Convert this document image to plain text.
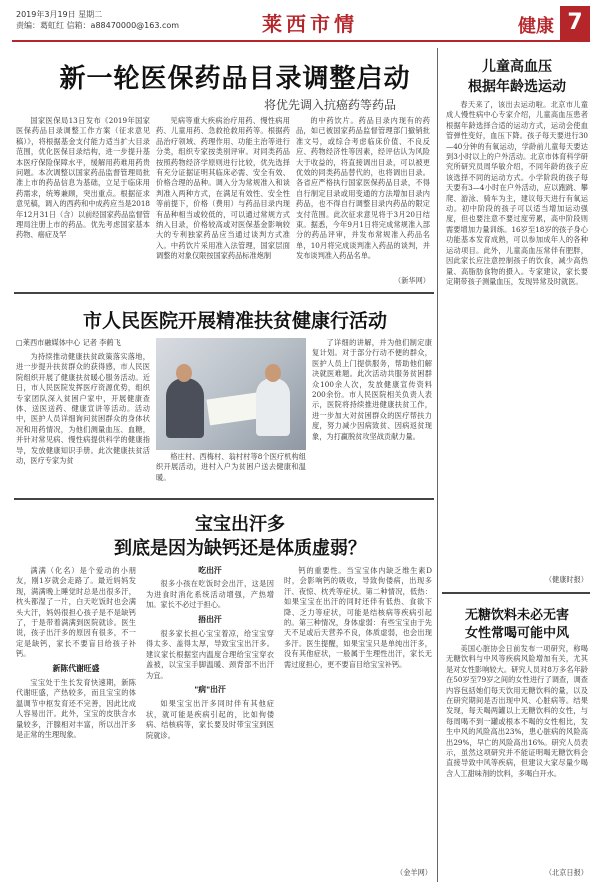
2019年3月19日 星期二
责编：葛虹红 信箱：a88470000@163.com	莱西市情	健康 7
新一轮医保药品目录调整启动
将优先调入抗癌药等药品

国家医保局13日发布《2019年国家医保药品目录调整工作方案（征求意见稿）》，将根据基金支付能力适当扩大目录范围，优化医保目录结构，进一步提升基本医疗保险保障水平，缓解用药难用药贵问题。本次调整以国家药品监督管理局批准上市的药品信息为基础，立足于临床用药需求，统筹兼顾，突出重点。根据征求意见稿，调入的西药和中成药应当是2018年12月31日（含）以前经国家药品监督管理局注册上市的药品。优先考虑国家基本药物、癌症及罕

见病等重大疾病治疗用药、慢性病用药、儿童用药、急救抢救用药等。根据药品治疗领域、药理作用、功能主治等进行分类，组织专家按类别评审。对同类药品按照药物经济学原则进行比较，优先选择有充分证据证明其临床必需、安全有效、价格合理的品种。调入分为常规准入和谈判准入两种方式，在满足有效性、安全性等前提下，价格（费用）与药品目录内现有品种相当或较低的，可以通过常规方式纳入目录，价格较高或对医保基金影响较大的专利独家药品应当通过谈判方式准入。中药饮片采用准入法管理，国家层面调整的对象仅限按国家药品标准炮制

的中药饮片。药品目录内现有的药品，如已被国家药品监督管理部门撤销批准文号，或综合考虑临床价值、不良反应、药物经济性等因素，经评估认为风险大于收益的，将直接调出目录，可以被更优效的同类药品替代的，也将调出目录。各省应严格执行国家医保药品目录，不得自行制定目录或用变通的方法增加目录内药品，也不得自行调整目录内药品的限定支付范围。此次征求意见将于3月20日结束。据悉，今年9月1日将完成常规准入部分的药品评审，并发布常规准入药品名单，10月将完成谈判准入药品的谈判，并发布谈判准入药品名单。

（新华网）
市人民医院开展精准扶贫健康行活动
□莱西市融媒体中心 记者 李鹤飞

为持续推动健康扶贫政策落实落地，进一步提升扶贫群众的获得感，市人民医院组织开展了健康扶贫暖心服务活动。近日，市人民医院发挥医疗资源优势，组织专家团队深入贫困户家中，开展健康查体、送医送药、健康宣讲等活动。活动中，医护人员详细询问贫困群众的身体状况和用药情况，为他们测量血压、血糖，并针对常见病、慢性病提供科学的健康指导，发放健康知识手册。此次健康扶贫活动，医疗专家为贫	格庄村、西梅村、翁村村等8个医疗机构组织开展活动，进村入户为贫困户送去健康和温暖。

了详细的讲解，并为他们制定康复计划。对于部分行动不便的群众，医护人员上门提供服务，帮助他们解决就医难题。此次活动共服务贫困群众100余人次，发放健康宣传资料200余份。市人民医院相关负责人表示，医院将持续推进健康扶贫工作，进一步加大对贫困群众的医疗帮扶力度，努力减少因病致贫、因病返贫现象，为打赢脱贫攻坚战贡献力量。

宝宝出汗多
到底是因为缺钙还是体质虚弱？

满满（化名）是个爱动的小朋友，刚1岁就会走路了。最近妈妈发现，满满晚上睡觉时总是出很多汗，枕头都湿了一片，白天吃饭时也会满头大汗，妈妈很担心孩子是不是缺钙了，于是带着满满到医院就诊。医生说，孩子出汗多的原因有很多，不一定是缺钙，家长不要盲目给孩子补钙。

新陈代谢旺盛

宝宝处于生长发育快速期，新陈代谢旺盛，产热较多，而且宝宝的体温调节中枢发育还不完善，因此比成人容易出汗。此外，宝宝的皮肤含水量较多，汗腺相对丰富，所以出汗多是正常的生理现象。

吃出汗

很多小孩在吃饭时会出汗，这是因为进食时消化系统活动增强，产热增加。家长不必过于担心。

捂出汗

很多家长担心宝宝着凉，给宝宝穿得太多、盖得太厚，导致宝宝出汗多。建议家长根据室内温度合理给宝宝穿衣盖被，以宝宝手脚温暖、颈背部不出汗为宜。

"病"出汗

如果宝宝出汗多同时伴有其他症状，就可能是疾病引起的，比如佝偻病、结核病等，家长要及时带宝宝到医院就诊。

钙的重要性。当宝宝体内缺乏维生素D时，会影响钙的吸收，导致佝偻病，出现多汗、夜惊、枕秃等症状。第二种情况，低热：如果宝宝在出汗的同时还伴有低热、食欲下降、乏力等症状，可能是结核病等疾病引起的。第三种情况，身体虚弱：有些宝宝由于先天不足或后天营养不良，体质虚弱，也会出现多汗。医生提醒，如果宝宝只是单纯出汗多，没有其他症状，一般属于生理性出汗，家长无需过度担心，更不要盲目给宝宝补钙。

（金羊网）
儿童高血压
根据年龄选运动

春天来了，该出去运动啦。北京市儿童成人慢性病中心专家介绍，儿童高血压患者根据年龄选择合适的运动方式，运动会使血管弹性变好，血压下降。孩子每天要进行30—40分钟的有氧运动，学龄前儿童每天要达到3小时以上的户外活动。北京市体育科学研究所研究员周华敏介绍，不同年龄的孩子应该选择不同的运动方式。小学阶段的孩子每天要有3—4小时在户外活动，应以跑跳、攀爬、游泳、骑车为主，建议每天进行有氧运动。初中阶段的孩子可以适当增加运动强度，但也要注意不要过度劳累，高中阶段则需要增加力量训练。16岁至18岁的孩子身心功能基本发育成熟，可以参加成年人的各种运动项目。此外，儿童高血压常伴有肥胖，因此家长应注意控制孩子的饮食，减少高热量、高脂肪食物的摄入。专家建议，家长要定期带孩子测量血压，发现异常及时就医。

（健康时报）
无糖饮料未必无害
女性常喝可能中风

美国心脏协会日前发布一项研究，称喝无糖饮料与中风等疾病风险增加有关，尤其是对女性影响较大。研究人员对8万多名年龄在50岁至79岁之间的女性进行了调查，调查内容包括她们每天饮用无糖饮料的量，以及在研究期间是否出现中风、心脏病等。结果发现，每天喝两罐以上无糖饮料的女性，与每周喝不到一罐或根本不喝的女性相比，发生中风的风险高出23%，患心脏病的风险高出29%，早亡的风险高出16%。研究人员表示，虽然这项研究并不能证明喝无糖饮料会直接导致中风等疾病，但建议大家尽量少喝含人工甜味剂的饮料，多喝白开水。

（北京日报）
